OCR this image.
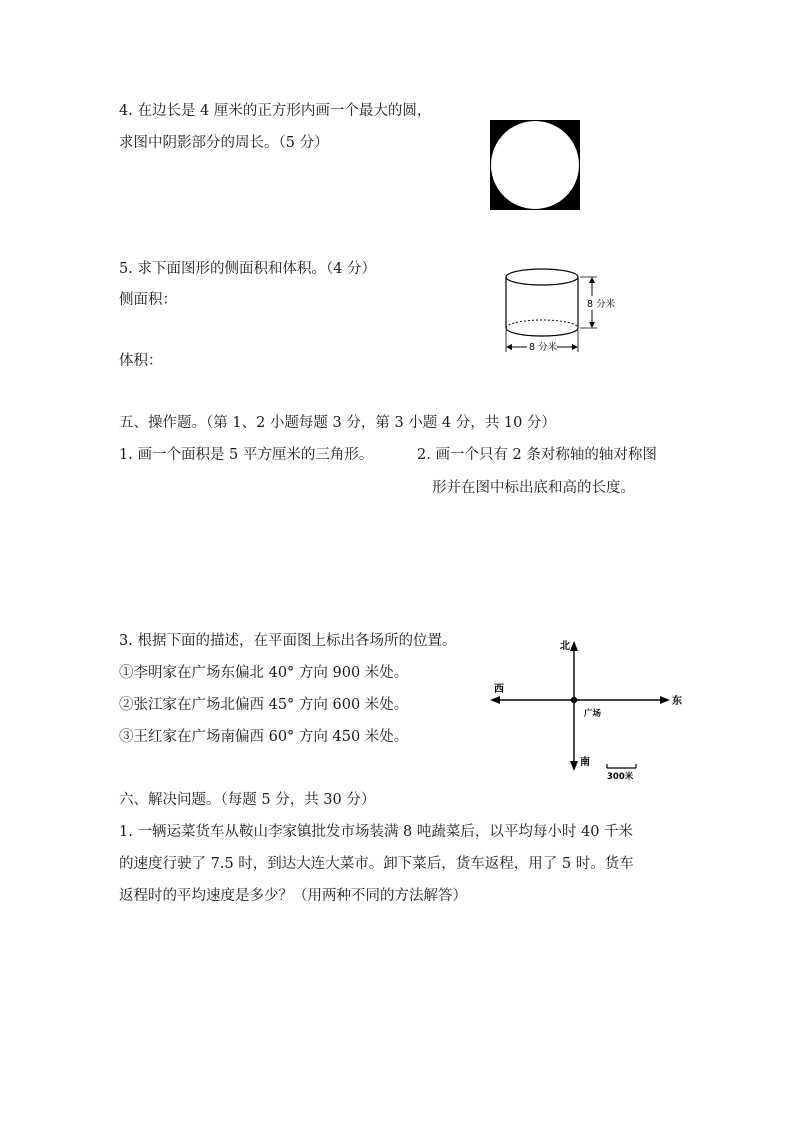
4. 在边长是 4 厘米的正方形内画一个最大的圆，
求图中阴影部分的周长。（5 分）
5. 求下面图形的侧面积和体积。（4 分）
侧面积：
体积：
8 分米
8 分米
五、操作题。（第 1、2 小题每题 3 分，第 3 小题 4 分，共 10 分）
1. 画一个面积是 5 平方厘米的三角形。	2. 画一个只有 2 条对称轴的轴对称图
形并在图中标出底和高的长度。
3. 根据下面的描述，在平面图上标出各场所的位置。
①李明家在广场东偏北 40° 方向 900 米处。
②张江家在广场北偏西 45° 方向 600 米处。
③王红家在广场南偏西 60° 方向 450 米处。
北
南
东
西
广场
300米
六、解决问题。（每题 5 分，共 30 分）
1. 一辆运菜货车从鞍山李家镇批发市场装满 8 吨蔬菜后，以平均每小时 40 千米
的速度行驶了 7.5 时，到达大连大菜市。卸下菜后，货车返程，用了 5 时。货车
返程时的平均速度是多少？（用两种不同的方法解答）
